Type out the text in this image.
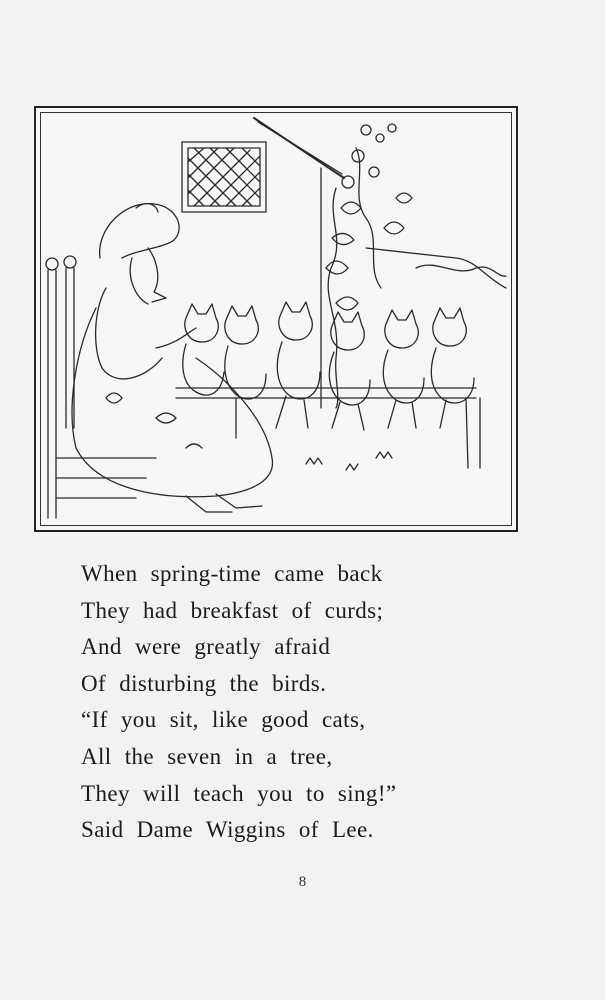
When spring-time came back
They had breakfast of curds;
And were greatly afraid
Of disturbing the birds.
“If you sit, like good cats,
All the seven in a tree,
They will teach you to sing!”
Said Dame Wiggins of Lee.
8
